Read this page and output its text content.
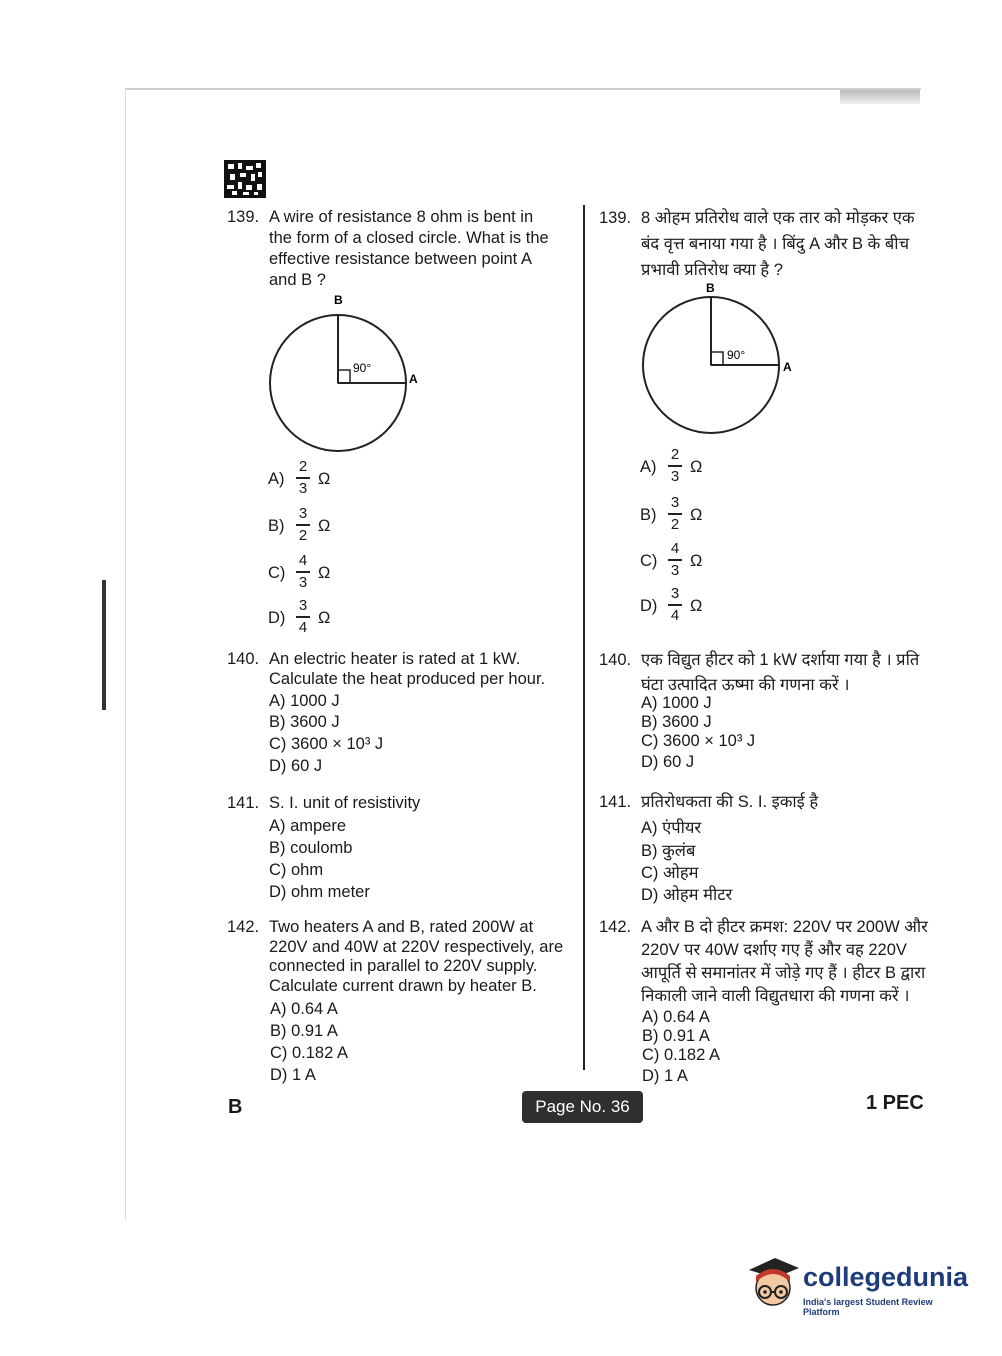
139. A wire of resistance 8 ohm is bent in
the form of a closed circle. What is the
effective resistance between point A
and B ?
B
90°
A
A)
2
3 Ω
B)
3
2 Ω
C)
4
3 Ω
D)
3
4 Ω
139. 8 ओहम प्रतिरोध वाले एक तार को मोड़कर एक
बंद वृत्त बनाया गया है । बिंदु A और B के बीच
प्रभावी प्रतिरोध क्या है ?
B
90°
A
A)
2
3 Ω
B)
3
2 Ω
C)
4
3 Ω
D)
3
4 Ω
140. An electric heater is rated at 1 kW.
Calculate the heat produced per hour.
A) 1000 J
B) 3600 J
C) 3600 × 10³ J
D) 60 J
140. एक विद्युत हीटर को 1 kW दर्शाया गया है । प्रति
घंटा उत्पादित ऊष्मा की गणना करें ।
A) 1000 J
B) 3600 J
C) 3600 × 10³ J
D) 60 J
141. S. I. unit of resistivity
A) ampere
B) coulomb
C) ohm
D) ohm meter
141. प्रतिरोधकता की S. I. इकाई है
A) एंपीयर
B) कुलंब
C) ओहम
D) ओहम मीटर
142. Two heaters A and B, rated 200W at
220V and 40W at 220V respectively, are
connected in parallel to 220V supply.
Calculate current drawn by heater B.
A) 0.64 A
B) 0.91 A
C) 0.182 A
D) 1 A
142. A और B दो हीटर क्रमश: 220V पर 200W और
220V पर 40W दर्शाए गए हैं और वह 220V
आपूर्ति से समानांतर में जोड़े गए हैं । हीटर B द्वारा
निकाली जाने वाली विद्युतधारा की गणना करें ।
A) 0.64 A
B) 0.91 A
C) 0.182 A
D) 1 A
B	Page No. 36	1 PEC
collegedunia
India's largest Student Review Platform
